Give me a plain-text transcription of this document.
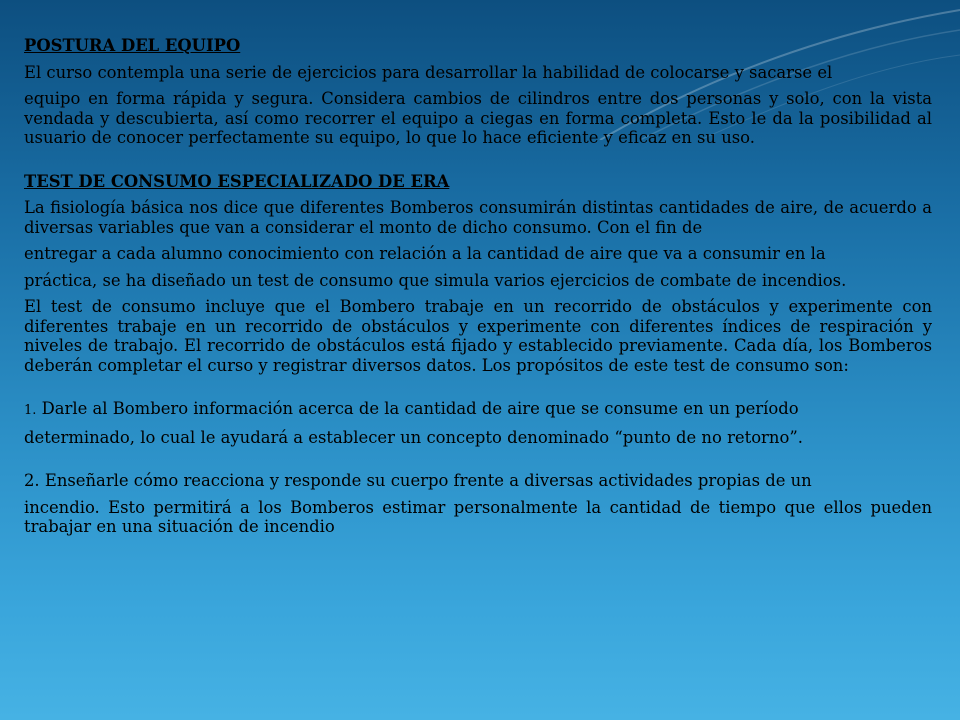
POSTURA DEL EQUIPO

El curso contempla una serie de ejercicios para desarrollar la habilidad de colocarse y sacarse el

equipo en forma rápida y segura. Considera cambios de cilindros entre dos personas y solo, con la vista vendada y descubierta, así como recorrer el equipo a ciegas en forma completa. Esto le da la posibilidad al usuario de conocer perfectamente su equipo, lo que lo hace eficiente y eficaz en su uso.

TEST DE CONSUMO ESPECIALIZADO DE ERA

La fisiología básica nos dice que diferentes Bomberos consumirán distintas cantidades de aire, de acuerdo a diversas variables que van a considerar el monto de dicho consumo. Con el fin de

entregar a cada alumno conocimiento con relación a la cantidad de aire que va a consumir en la

práctica, se ha diseñado un test de consumo que simula varios ejercicios de combate de incendios.

El test de consumo incluye que el Bombero trabaje en un recorrido de obstáculos y experimente con diferentes trabaje en un recorrido de obstáculos y experimente con diferentes índices de respiración y niveles de trabajo. El recorrido de obstáculos está fijado y establecido previamente. Cada día, los Bomberos deberán completar el curso y registrar diversos datos. Los propósitos de este test de consumo son:

1. Darle al Bombero información acerca de la cantidad de aire que se consume en un período

determinado, lo cual le ayudará a establecer un concepto denominado “punto de no retorno”.

2. Enseñarle cómo reacciona y responde su cuerpo frente a diversas actividades propias de un

incendio. Esto permitirá a los Bomberos estimar personalmente la cantidad de tiempo que ellos pueden trabajar en una situación de incendio
